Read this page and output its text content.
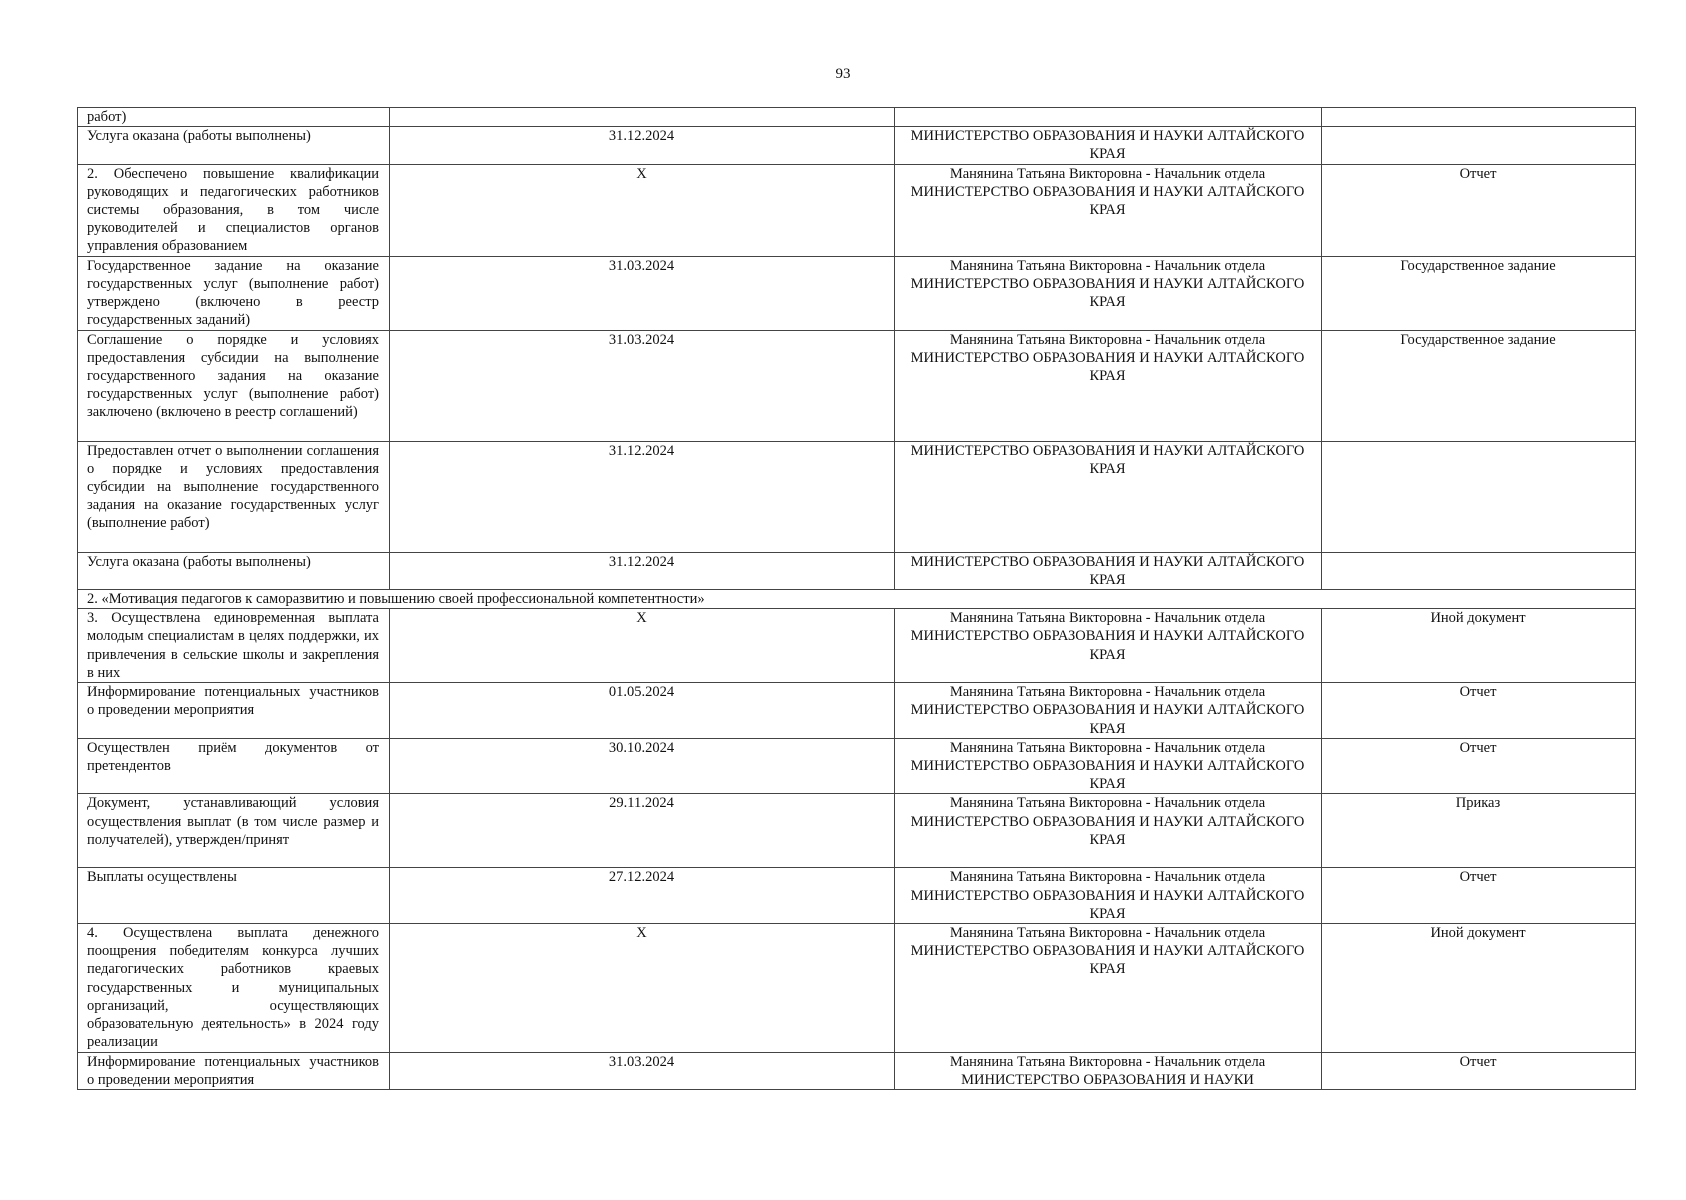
93
работ)			
Услуга оказана (работы выполнены)	31.12.2024	МИНИСТЕРСТВО ОБРАЗОВАНИЯ И НАУКИ АЛТАЙСКОГО КРАЯ	
2. Обеспечено повышение квалификации руководящих и педагогических работников системы образования, в том числе руководителей и специалистов органов управления образованием	X	Манянина Татьяна Викторовна - Начальник отдела МИНИСТЕРСТВО ОБРАЗОВАНИЯ И НАУКИ АЛТАЙСКОГО КРАЯ	Отчет
Государственное задание на оказание государственных услуг (выполнение работ) утверждено (включено в реестр государственных заданий)	31.03.2024	Манянина Татьяна Викторовна - Начальник отдела МИНИСТЕРСТВО ОБРАЗОВАНИЯ И НАУКИ АЛТАЙСКОГО КРАЯ	Государственное задание
Соглашение о порядке и условиях предоставления субсидии на выполнение государственного задания на оказание государственных услуг (выполнение работ) заключено (включено в реестр соглашений)	31.03.2024	Манянина Татьяна Викторовна - Начальник отдела МИНИСТЕРСТВО ОБРАЗОВАНИЯ И НАУКИ АЛТАЙСКОГО КРАЯ	Государственное задание
Предоставлен отчет о выполнении соглашения о порядке и условиях предоставления субсидии на выполнение государственного задания на оказание государственных услуг (выполнение работ)	31.12.2024	МИНИСТЕРСТВО ОБРАЗОВАНИЯ И НАУКИ АЛТАЙСКОГО КРАЯ	
Услуга оказана (работы выполнены)	31.12.2024	МИНИСТЕРСТВО ОБРАЗОВАНИЯ И НАУКИ АЛТАЙСКОГО КРАЯ	
2. «Мотивация педагогов к саморазвитию и повышению своей профессиональной компетентности»			
3. Осуществлена единовременная выплата молодым специалистам в целях поддержки, их привлечения в сельские школы и закрепления в них	X	Манянина Татьяна Викторовна - Начальник отдела МИНИСТЕРСТВО ОБРАЗОВАНИЯ И НАУКИ АЛТАЙСКОГО КРАЯ	Иной документ
Информирование потенциальных участников о проведении мероприятия	01.05.2024	Манянина Татьяна Викторовна - Начальник отдела МИНИСТЕРСТВО ОБРАЗОВАНИЯ И НАУКИ АЛТАЙСКОГО КРАЯ	Отчет
Осуществлен приём документов от претендентов	30.10.2024	Манянина Татьяна Викторовна - Начальник отдела МИНИСТЕРСТВО ОБРАЗОВАНИЯ И НАУКИ АЛТАЙСКОГО КРАЯ	Отчет
Документ, устанавливающий условия осуществления выплат (в том числе размер и получателей), утвержден/принят	29.11.2024	Манянина Татьяна Викторовна - Начальник отдела МИНИСТЕРСТВО ОБРАЗОВАНИЯ И НАУКИ АЛТАЙСКОГО КРАЯ	Приказ
Выплаты осуществлены	27.12.2024	Манянина Татьяна Викторовна - Начальник отдела МИНИСТЕРСТВО ОБРАЗОВАНИЯ И НАУКИ АЛТАЙСКОГО КРАЯ	Отчет
4. Осуществлена выплата денежного поощрения победителям конкурса лучших педагогических работников краевых государственных и муниципальных организаций, осуществляющих образовательную деятельность» в 2024 году реализации	X	Манянина Татьяна Викторовна - Начальник отдела МИНИСТЕРСТВО ОБРАЗОВАНИЯ И НАУКИ АЛТАЙСКОГО КРАЯ	Иной документ
Информирование потенциальных участников о проведении мероприятия	31.03.2024	Манянина Татьяна Викторовна - Начальник отдела МИНИСТЕРСТВО ОБРАЗОВАНИЯ И НАУКИ	Отчет
